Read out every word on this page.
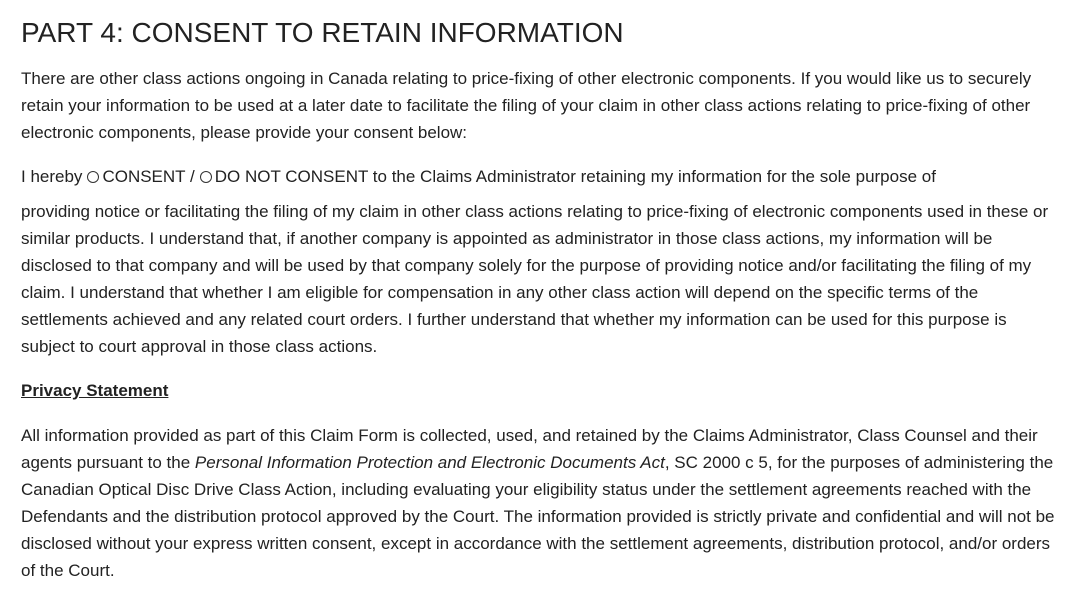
PART 4: CONSENT TO RETAIN INFORMATION

There are other class actions ongoing in Canada relating to price-fixing of other electronic components. If you would like us to securely retain your information to be used at a later date to facilitate the filing of your claim in other class actions relating to price-fixing of other electronic components, please provide your consent below:

I hereby CONSENT / DO NOT CONSENT to the Claims Administrator retaining my information for the sole purpose of

providing notice or facilitating the filing of my claim in other class actions relating to price-fixing of electronic components used in these or similar products. I understand that, if another company is appointed as administrator in those class actions, my information will be disclosed to that company and will be used by that company solely for the purpose of providing notice and/or facilitating the filing of my claim. I understand that whether I am eligible for compensation in any other class action will depend on the specific terms of the settlements achieved and any related court orders. I further understand that whether my information can be used for this purpose is subject to court approval in those class actions.

Privacy Statement

All information provided as part of this Claim Form is collected, used, and retained by the Claims Administrator, Class Counsel and their agents pursuant to the Personal Information Protection and Electronic Documents Act, SC 2000 c 5, for the purposes of administering the Canadian Optical Disc Drive Class Action, including evaluating your eligibility status under the settlement agreements reached with the Defendants and the distribution protocol approved by the Court. The information provided is strictly private and confidential and will not be disclosed without your express written consent, except in accordance with the settlement agreements, distribution protocol, and/or orders of the Court.
